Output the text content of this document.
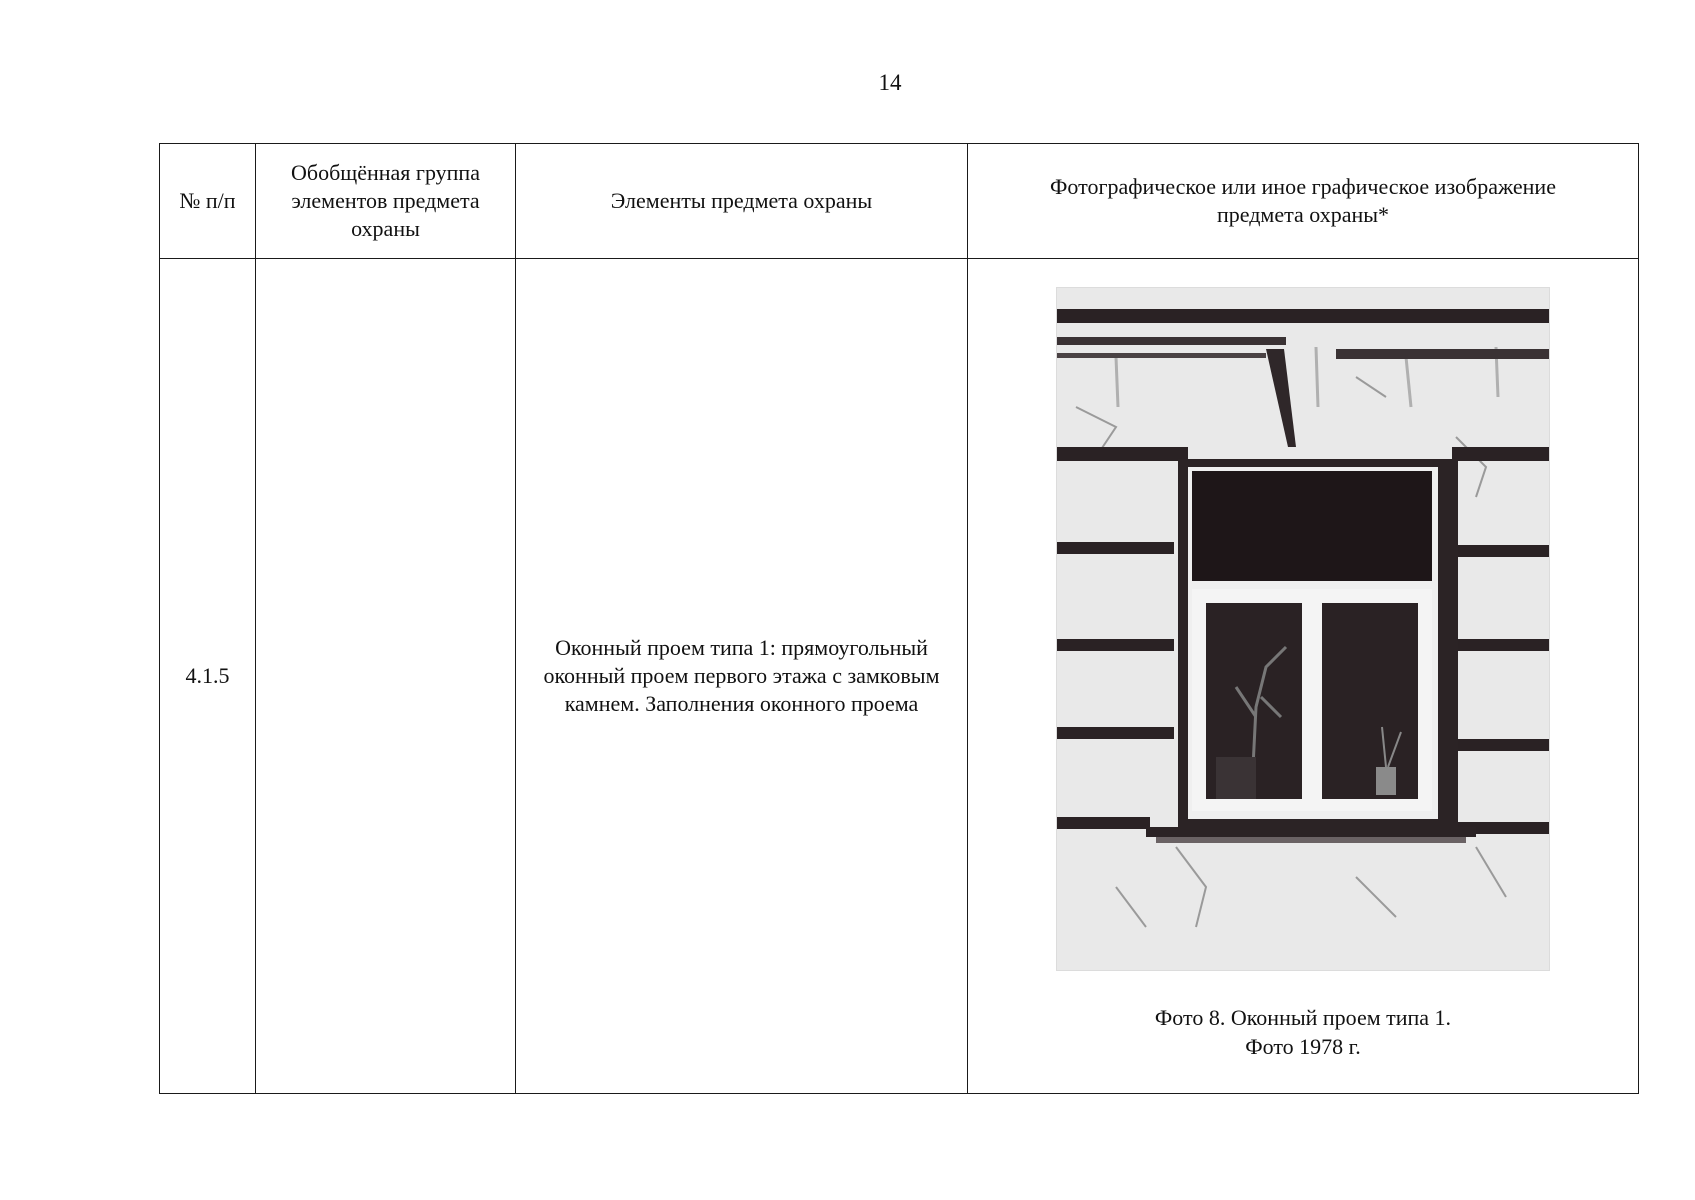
14
№ п/п	Обобщённая группа элементов предмета охраны	Элементы предмета охраны	Фотографическое или иное графическое изображение предмета охраны*
4.1.5		Оконный проем типа 1: прямоугольный оконный проем первого этажа с замковым камнем. Заполнения оконного проема	Фото 8. Оконный проем типа 1.
Фото 1978 г.
